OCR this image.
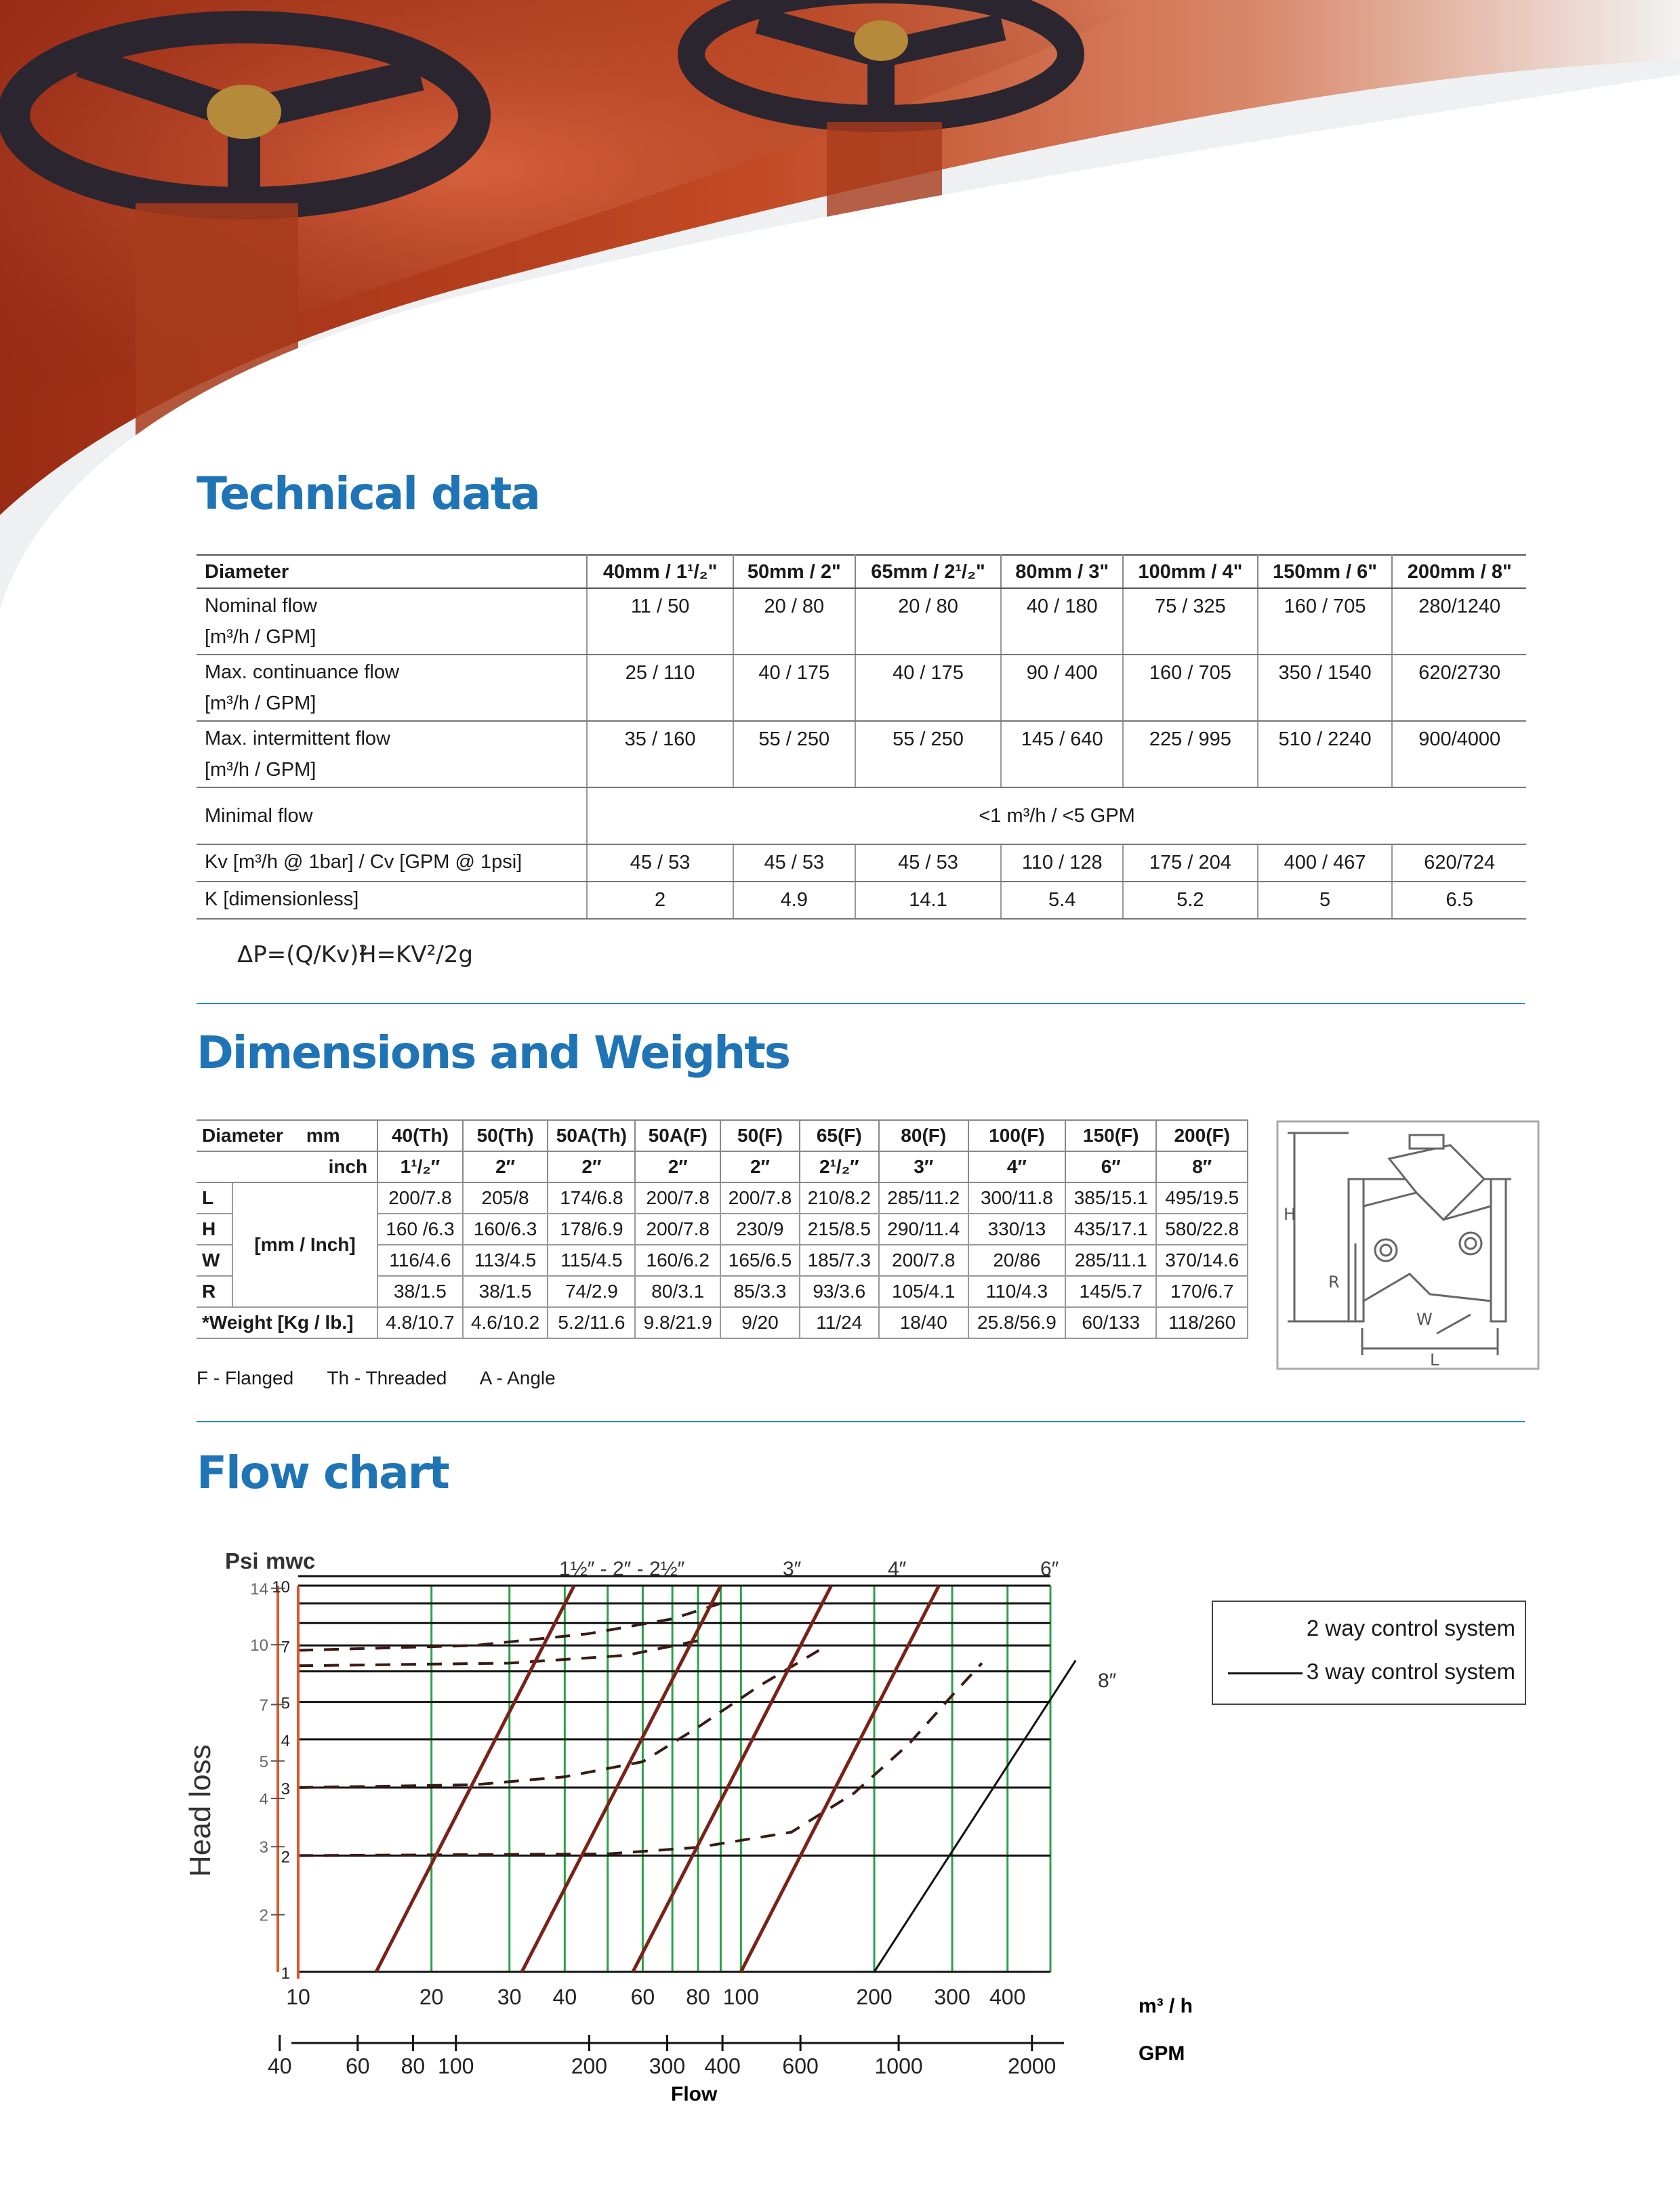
Technical data
Diameter	40mm / 1¹/₂"	50mm / 2"	65mm / 2¹/₂"	80mm / 3"	100mm / 4"	150mm / 6"	200mm / 8"

Nominal flow
[m³/h / GPM]	11 / 50	20 / 80	20 / 80	40 / 180	75 / 325	160 / 705	280/1240

Max. continuance flow
[m³/h / GPM]	25 / 110	40 / 175	40 / 175	90 / 400	160 / 705	350 / 1540	620/2730

Max. intermittent flow
[m³/h / GPM]	35 / 160	55 / 250	55 / 250	145 / 640	225 / 995	510 / 2240	900/4000
Minimal flow	<1 m³/h / <5 GPM						
Kv [m³/h @ 1bar] / Cv [GPM @ 1psi]	45 / 53	45 / 53	45 / 53	110 / 128	175 / 204	400 / 467	620/724
K [dimensionless]	2	4.9	14.1	5.4	5.2	5	6.5
ΔP=(Q/Kv)²
H=KV²/2g
Dimensions and Weights
Diameter mm		40(Th)	50(Th)	50A(Th)	50A(F)	50(F)	65(F)	80(F)	100(F)	150(F)	200(F)
inch		1¹/₂″	2″	2″	2″	2″	2¹/₂″	3″	4″	6″	8″
L	[mm / Inch]	200/7.8	205/8	174/6.8	200/7.8	200/7.8	210/8.2	285/11.2	300/11.8	385/15.1	495/19.5
H		160 /6.3	160/6.3	178/6.9	200/7.8	230/9	215/8.5	290/11.4	330/13	435/17.1	580/22.8
W		116/4.6	113/4.5	115/4.5	160/6.2	165/6.5	185/7.3	200/7.8	20/86	285/11.1	370/14.6
R		38/1.5	38/1.5	74/2.9	80/3.1	85/3.3	93/3.6	105/4.1	110/4.3	145/5.7	170/6.7
*Weight [Kg / lb.]		4.8/10.7	4.6/10.2	5.2/11.6	9.8/21.9	9/20	11/24	18/40	25.8/56.9	60/133	118/260
F - Flanged Th - Threaded A - Angle
H
R
W
L
Flow chart
10
7
5
4
3
2
1
14
10
7
5
4
3
2
10	20 30 40 60 80 100	200 300 400
40 60 80 100	200 300 400 600	1000	2000
Psi mwc
Head loss
m³ / h
GPM
Flow
1½″ - 2″ - 2½″	3″	4″	6″
8″
2 way control system
3 way control system
